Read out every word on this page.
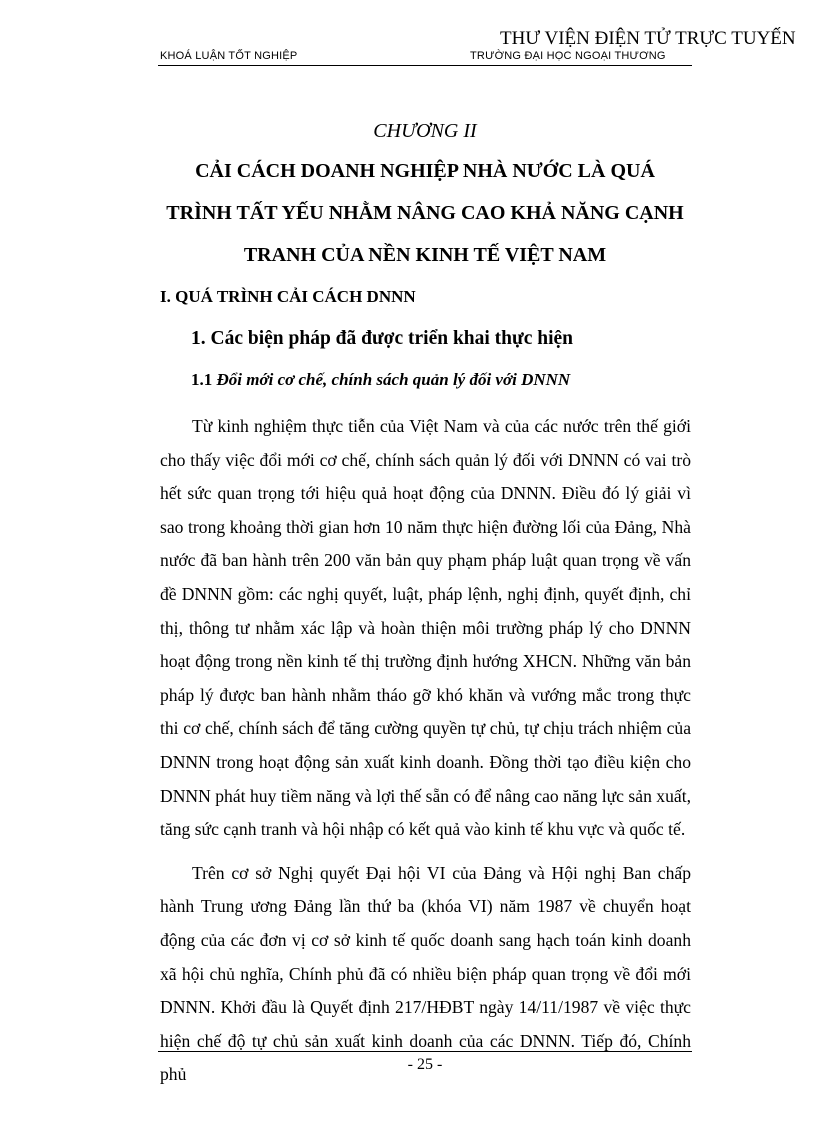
THƯ VIỆN ĐIỆN TỬ TRỰC TUYẾN
KHOÁ LUẬN TỐT NGHIỆP	TRƯỜNG ĐẠI HỌC NGOẠI THƯƠNG
CHƯƠNG II
CẢI CÁCH DOANH NGHIỆP NHÀ NƯỚC LÀ QUÁ
TRÌNH TẤT YẾU NHẰM NÂNG CAO KHẢ NĂNG CẠNH
TRANH CỦA NỀN KINH TẾ VIỆT NAM
I. QUÁ TRÌNH CẢI CÁCH DNNN
1. Các biện pháp đã được triển khai thực hiện
1.1 Đổi mới cơ chế, chính sách quản lý đối với DNNN

Từ kinh nghiệm thực tiễn của Việt Nam và của các nước trên thế giới cho thấy việc đổi mới cơ chế, chính sách quản lý đối với DNNN có vai trò hết sức quan trọng tới hiệu quả hoạt động của DNNN. Điều đó lý giải vì sao trong khoảng thời gian hơn 10 năm thực hiện đường lối của Đảng, Nhà nước đã ban hành trên 200 văn bản quy phạm pháp luật quan trọng về vấn đề DNNN gồm: các nghị quyết, luật, pháp lệnh, nghị định, quyết định, chỉ thị, thông tư nhằm xác lập và hoàn thiện môi trường pháp lý cho DNNN hoạt động trong nền kinh tế thị trường định hướng XHCN. Những văn bản pháp lý được ban hành nhằm tháo gỡ khó khăn và vướng mắc trong thực thi cơ chế, chính sách để tăng cường quyền tự chủ, tự chịu trách nhiệm của DNNN trong hoạt động sản xuất kinh doanh. Đồng thời tạo điều kiện cho DNNN phát huy tiềm năng và lợi thế sẵn có để nâng cao năng lực sản xuất, tăng sức cạnh tranh và hội nhập có kết quả vào kinh tế khu vực và quốc tế.

Trên cơ sở Nghị quyết Đại hội VI của Đảng và Hội nghị Ban chấp hành Trung ương Đảng lần thứ ba (khóa VI) năm 1987 về chuyển hoạt động của các đơn vị cơ sở kinh tế quốc doanh sang hạch toán kinh doanh xã hội chủ nghĩa, Chính phủ đã có nhiều biện pháp quan trọng về đổi mới DNNN. Khởi đầu là Quyết định 217/HĐBT ngày 14/11/1987 về việc thực hiện chế độ tự chủ sản xuất kinh doanh của các DNNN. Tiếp đó, Chính phủ	- 25 -
